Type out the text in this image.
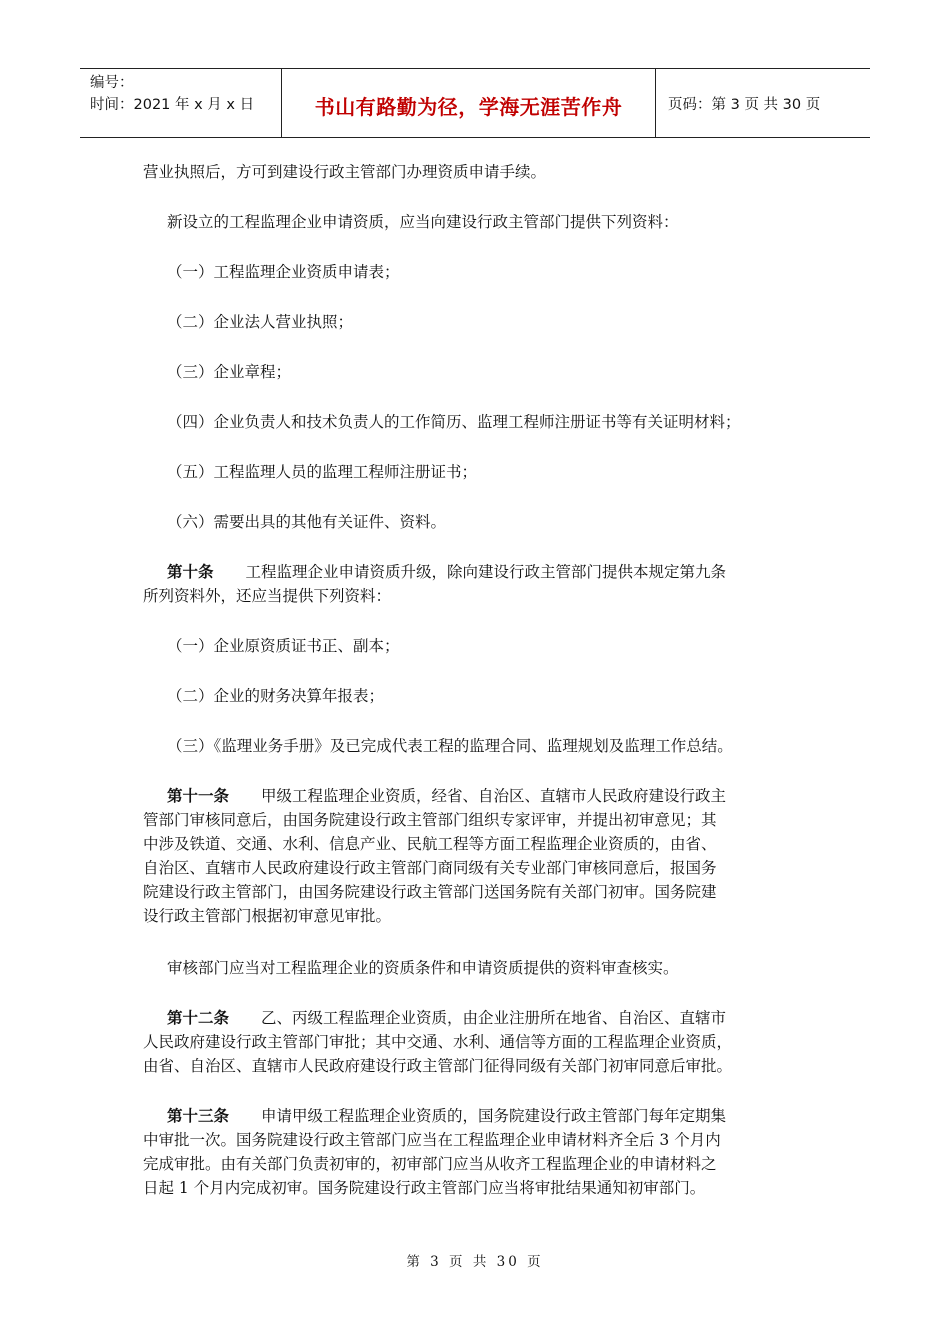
编号：
时间：2021 年 x 月 x 日	书山有路勤为径，学海无涯苦作舟	页码：第 3 页 共 30 页
营业执照后，方可到建设行政主管部门办理资质申请手续。
新设立的工程监理企业申请资质，应当向建设行政主管部门提供下列资料：
（一）工程监理企业资质申请表；
（二）企业法人营业执照；
（三）企业章程；
（四）企业负责人和技术负责人的工作简历、监理工程师注册证书等有关证明材料；
（五）工程监理人员的监理工程师注册证书；
（六）需要出具的其他有关证件、资料。
第十条 工程监理企业申请资质升级，除向建设行政主管部门提供本规定第九条
所列资料外，还应当提供下列资料：
（一）企业原资质证书正、副本；
（二）企业的财务决算年报表；
（三）《监理业务手册》及已完成代表工程的监理合同、监理规划及监理工作总结。
第十一条 甲级工程监理企业资质，经省、自治区、直辖市人民政府建设行政主
管部门审核同意后，由国务院建设行政主管部门组织专家评审，并提出初审意见；其
中涉及铁道、交通、水利、信息产业、民航工程等方面工程监理企业资质的，由省、
自治区、直辖市人民政府建设行政主管部门商同级有关专业部门审核同意后，报国务
院建设行政主管部门，由国务院建设行政主管部门送国务院有关部门初审。国务院建
设行政主管部门根据初审意见审批。
审核部门应当对工程监理企业的资质条件和申请资质提供的资料审查核实。
第十二条 乙、丙级工程监理企业资质，由企业注册所在地省、自治区、直辖市
人民政府建设行政主管部门审批；其中交通、水利、通信等方面的工程监理企业资质，
由省、自治区、直辖市人民政府建设行政主管部门征得同级有关部门初审同意后审批。
第十三条 申请甲级工程监理企业资质的，国务院建设行政主管部门每年定期集
中审批一次。国务院建设行政主管部门应当在工程监理企业申请材料齐全后 3 个月内
完成审批。由有关部门负责初审的，初审部门应当从收齐工程监理企业的申请材料之
日起 1 个月内完成初审。国务院建设行政主管部门应当将审批结果通知初审部门。
第 3 页 共 30 页
